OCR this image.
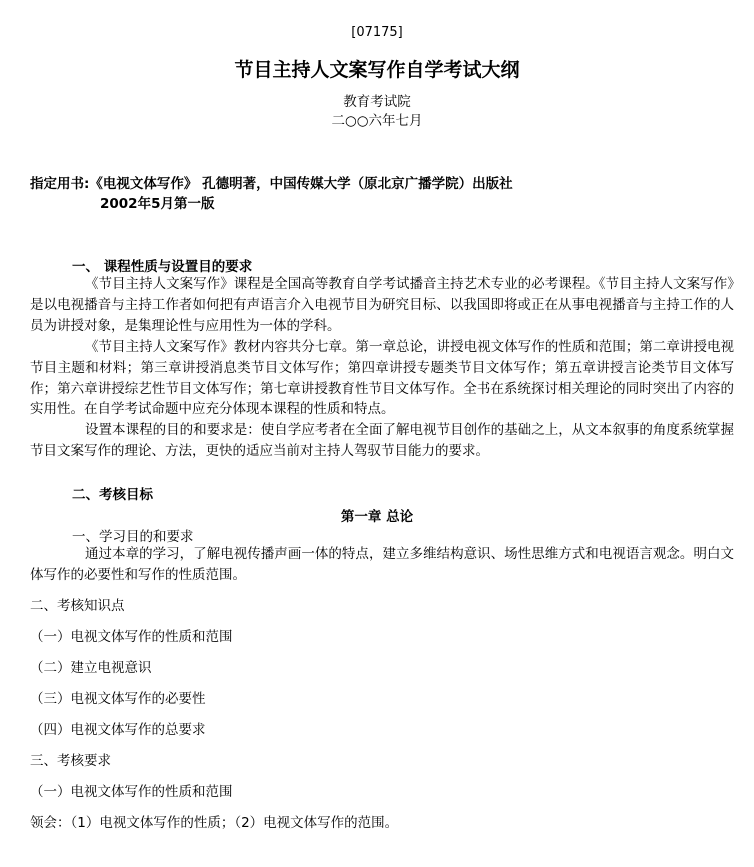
[07175]
节目主持人文案写作自学考试大纲
教育考试院
二○○六年七月
指定用书:《电视文体写作》 孔德明著，中国传媒大学（原北京广播学院）出版社
2002年5月第一版
一、 课程性质与设置目的要求
《节目主持人文案写作》课程是全国高等教育自学考试播音主持艺术专业的必考课程。《节目主持人文案写作》是以电视播音与主持工作者如何把有声语言介入电视节目为研究目标、以我国即将或正在从事电视播音与主持工作的人员为讲授对象，是集理论性与应用性为一体的学科。
《节目主持人文案写作》教材内容共分七章。第一章总论，讲授电视文体写作的性质和范围；第二章讲授电视节目主题和材料；第三章讲授消息类节目文体写作；第四章讲授专题类节目文体写作；第五章讲授言论类节目文体写作；第六章讲授综艺性节目文体写作；第七章讲授教育性节目文体写作。全书在系统探讨相关理论的同时突出了内容的实用性。在自学考试命题中应充分体现本课程的性质和特点。
设置本课程的目的和要求是：使自学应考者在全面了解电视节目创作的基础之上，从文本叙事的角度系统掌握节目文案写作的理论、方法，更快的适应当前对主持人驾驭节目能力的要求。
二、考核目标
第一章 总论
一、学习目的和要求
通过本章的学习，了解电视传播声画一体的特点，建立多维结构意识、场性思维方式和电视语言观念。明白文体写作的必要性和写作的性质范围。
二、考核知识点
（一）电视文体写作的性质和范围
（二）建立电视意识
（三）电视文体写作的必要性
（四）电视文体写作的总要求
三、考核要求
（一）电视文体写作的性质和范围
领会：（1）电视文体写作的性质；（2）电视文体写作的范围。
